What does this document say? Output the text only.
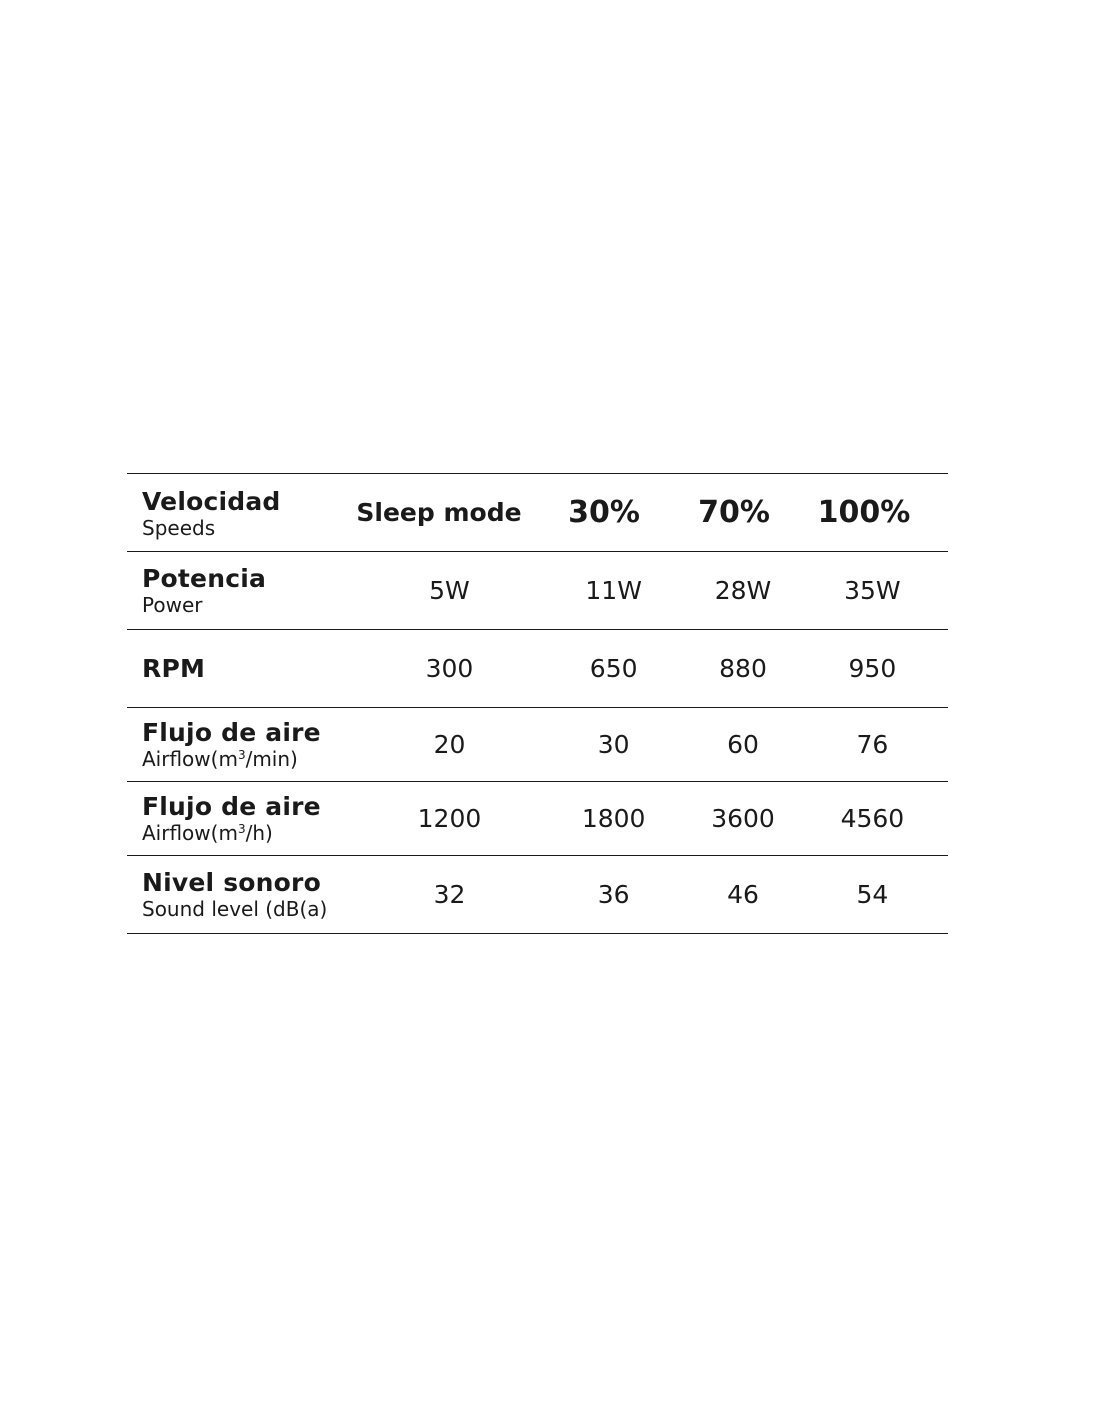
Velocidad
Speeds
Sleep mode	30%	70%	100%
Potencia
Power
5W	11W	28W	35W
RPM	300	650	880	950
Flujo de aire
$Airflow(m^3/\min)$
20	30	60	76
Flujo de aire
$Airflow(m^3/h)$
1200	1800	3600	4560
Nivel sonoro
Sound level (dB(a)
32	36	46	54
